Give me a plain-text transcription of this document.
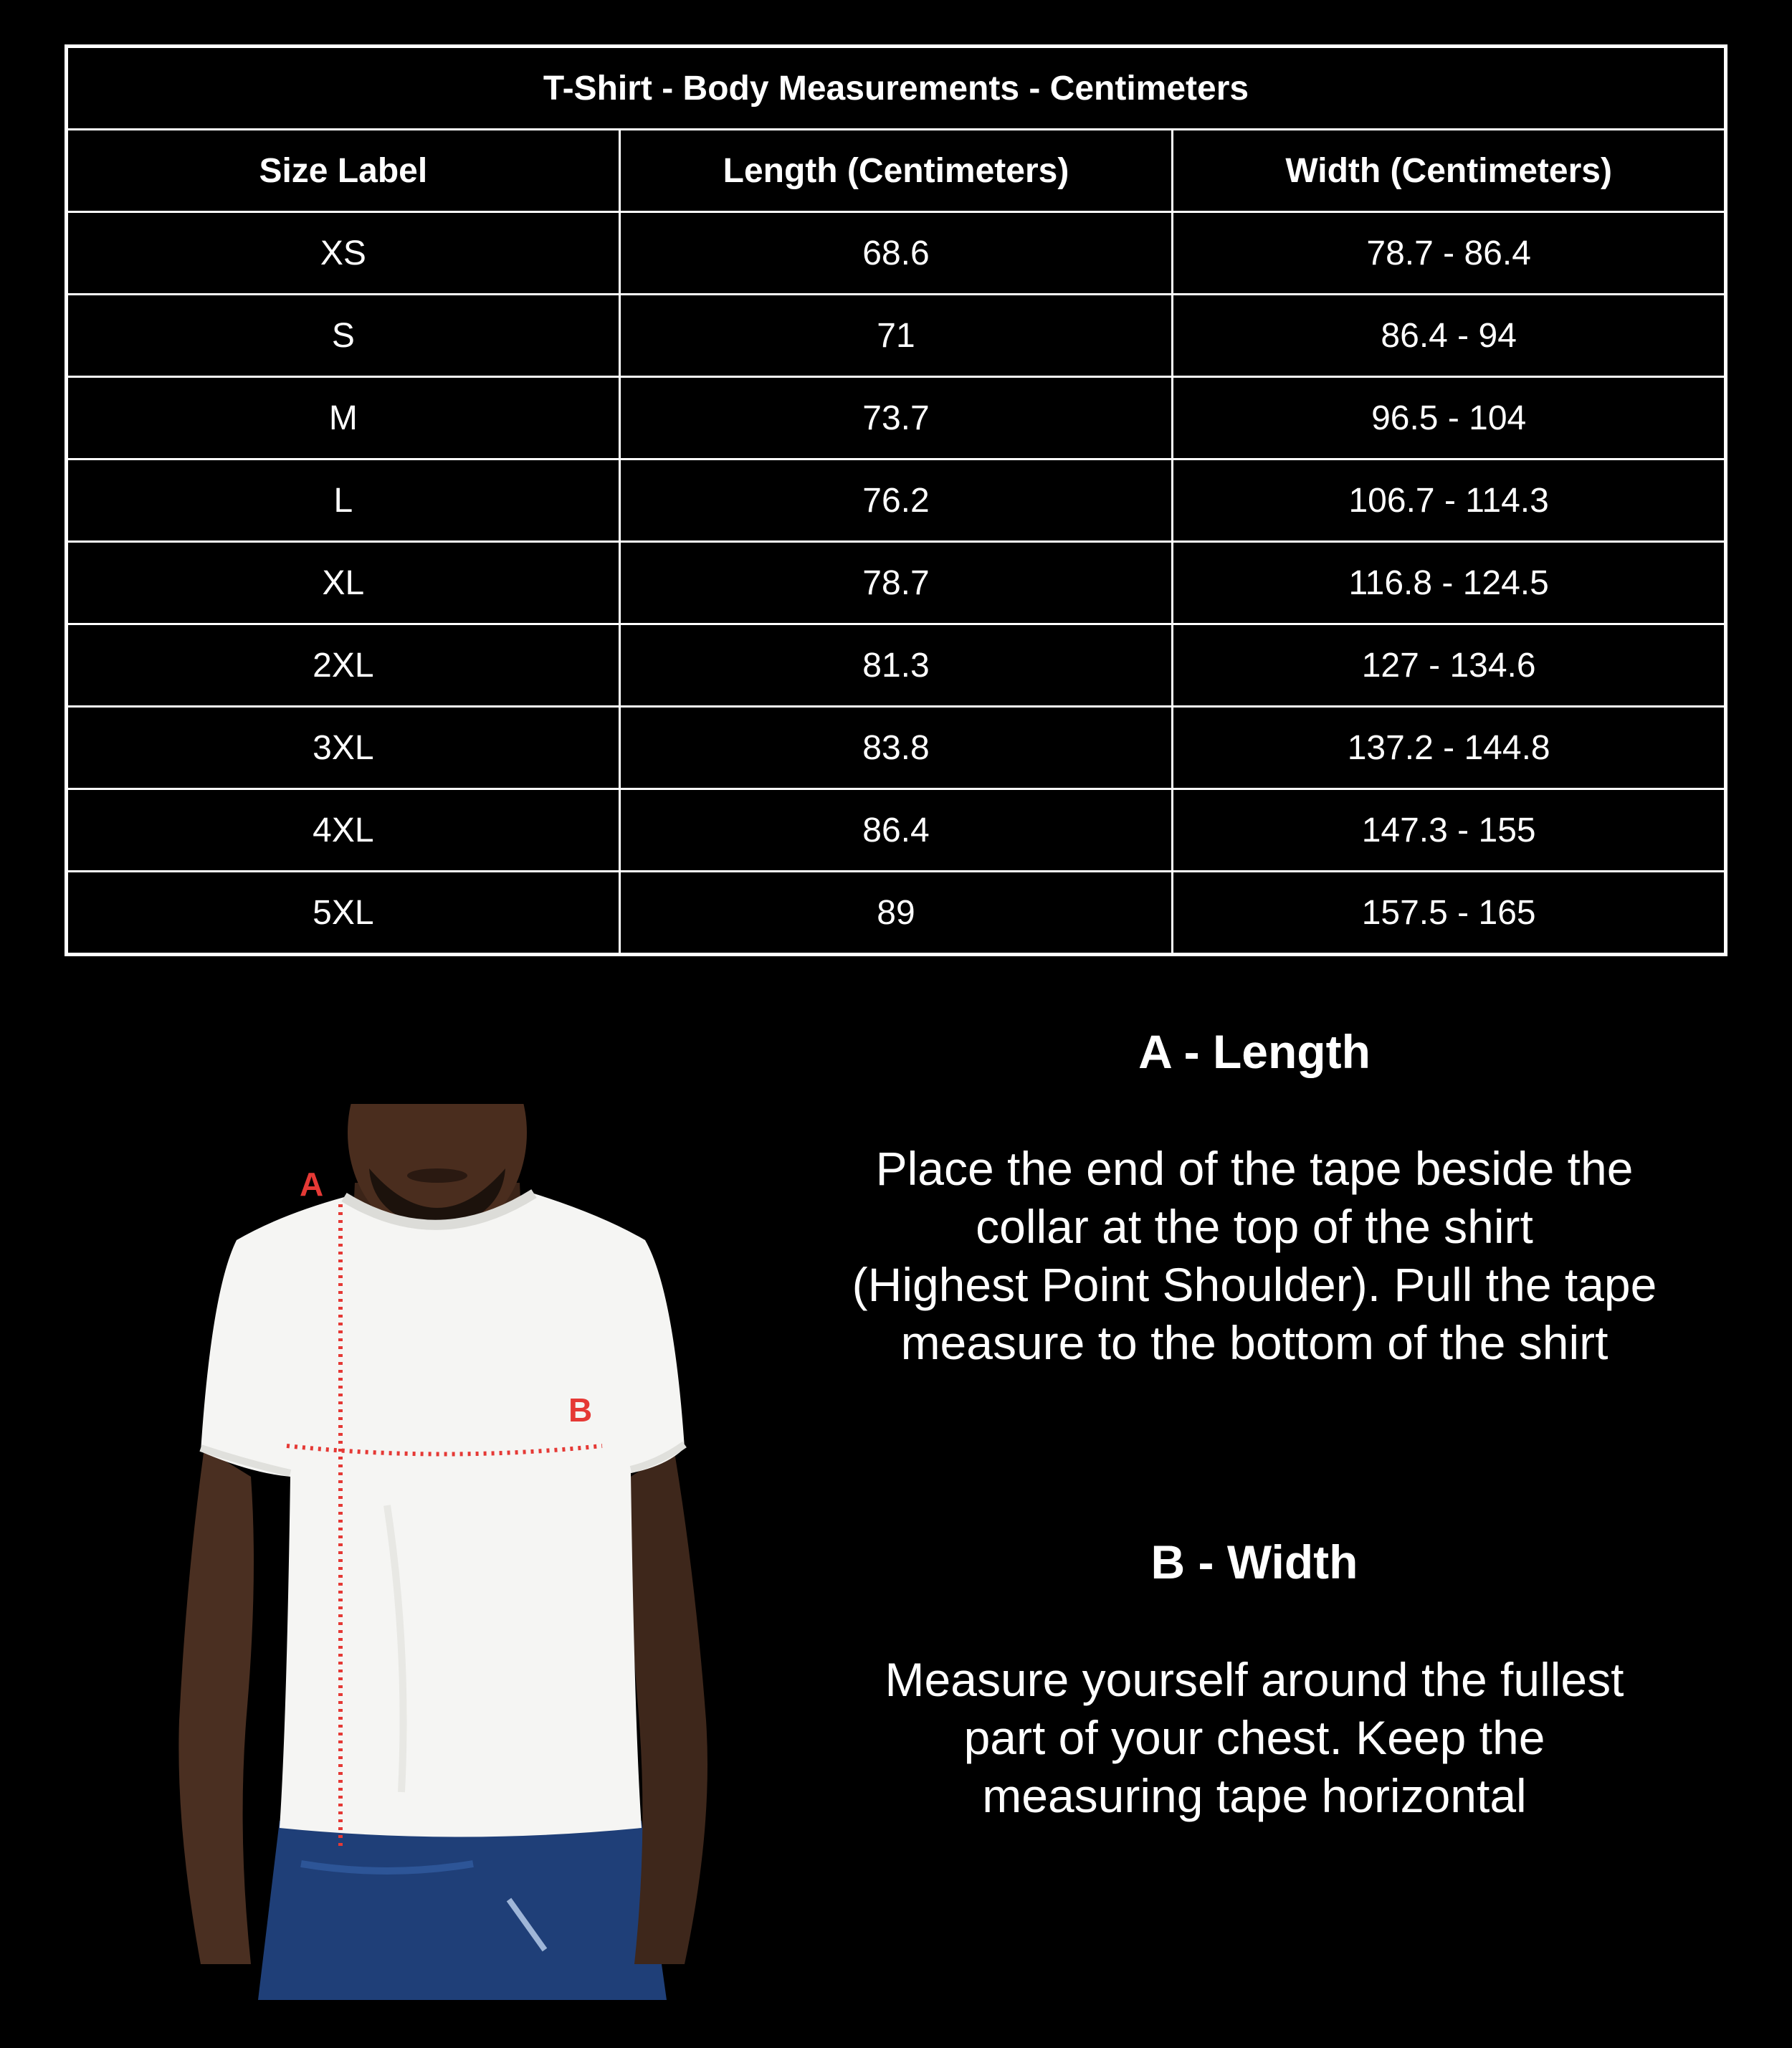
T-Shirt - Body Measurements - Centimeters		
Size Label	Length (Centimeters)	Width (Centimeters)
XS	68.6	78.7 - 86.4
S	71	86.4 - 94
M	73.7	96.5 - 104
L	76.2	106.7 - 114.3
XL	78.7	116.8 - 124.5
2XL	81.3	127 - 134.6
3XL	83.8	137.2 - 144.8
4XL	86.4	147.3 - 155
5XL	89	157.5 - 165
A
B
A - Length

Place the end of the tape beside the

collar at the top of the shirt

(Highest Point Shoulder). Pull the tape

measure to the bottom of the shirt

B - Width

Measure yourself around the fullest

part of your chest. Keep the

measuring tape horizontal
